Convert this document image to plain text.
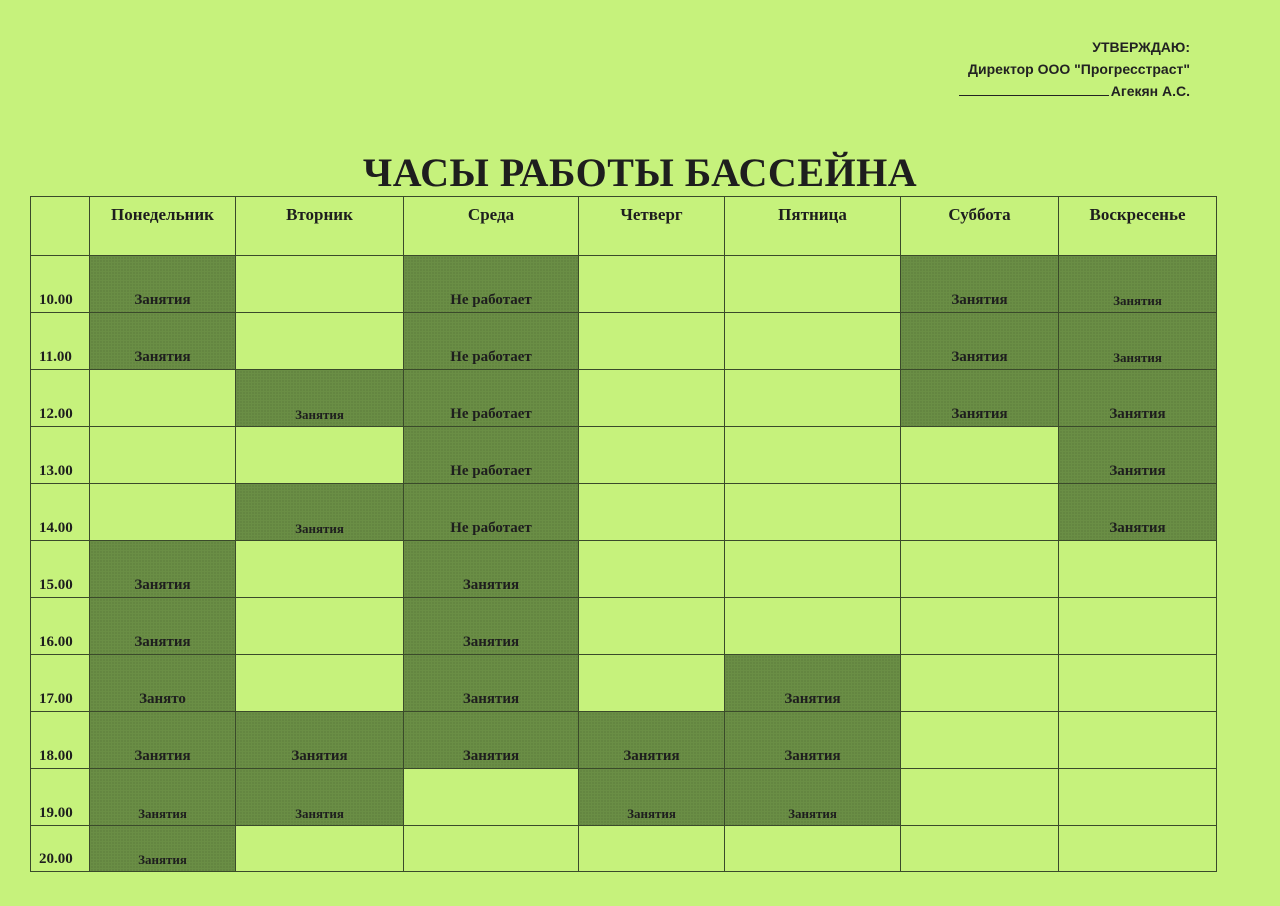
УТВЕРЖДАЮ:
Директор ООО "Прогресстраст"
Агекян А.С.
ЧАСЫ РАБОТЫ БАССЕЙНА
	Понедельник	Вторник	Среда	Четверг	Пятница	Суббота	Воскресенье
10.00	Занятия		Не работает			Занятия	Занятия
11.00	Занятия		Не работает			Занятия	Занятия
12.00		Занятия	Не работает			Занятия	Занятия
13.00			Не работает				Занятия
14.00		Занятия	Не работает				Занятия
15.00	Занятия		Занятия				
16.00	Занятия		Занятия				
17.00	Занято		Занятия		Занятия		
18.00	Занятия	Занятия	Занятия	Занятия	Занятия		
19.00	Занятия	Занятия		Занятия	Занятия		
20.00	Занятия						
